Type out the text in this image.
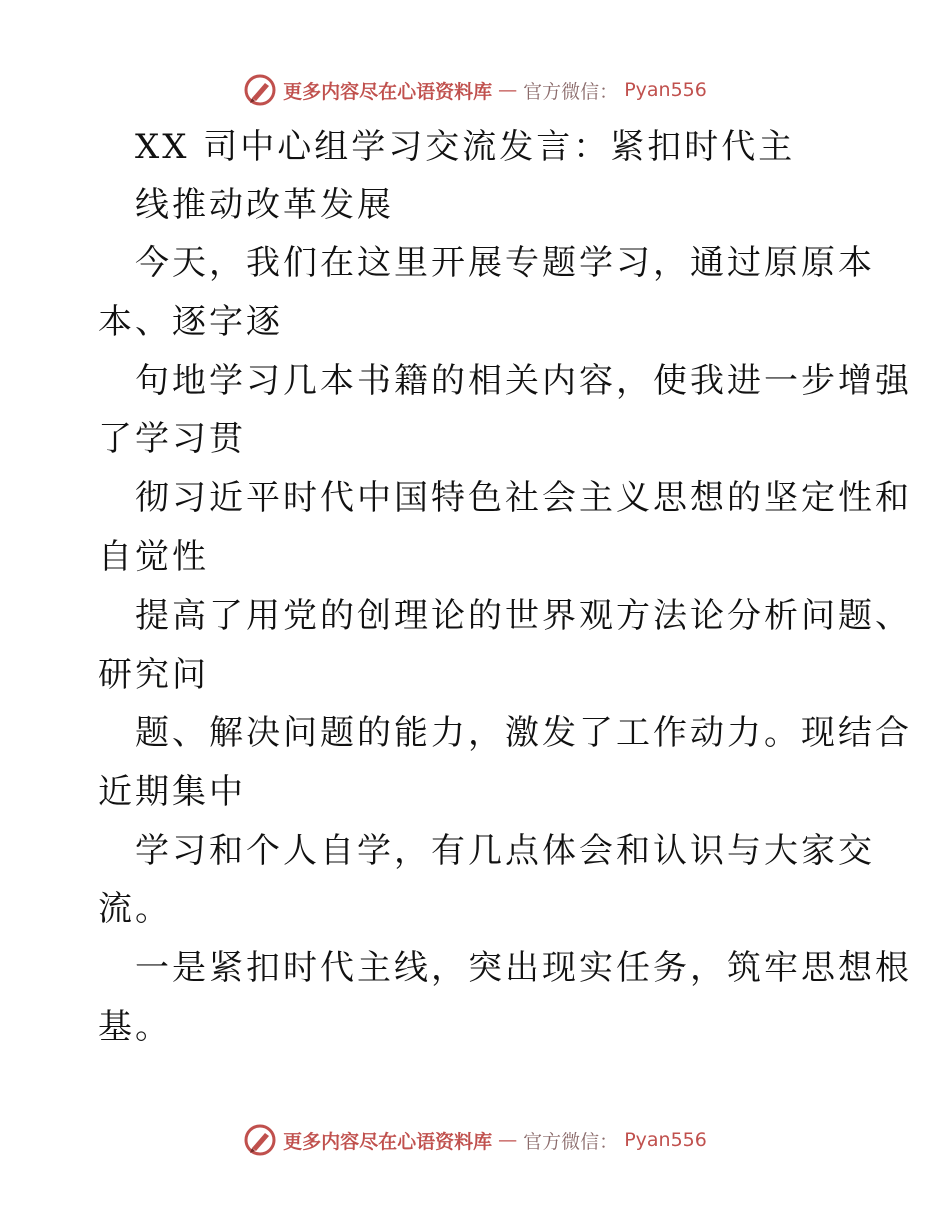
更多内容尽在心语资料库 — 官方微信： Pyan556
XX 司中心组学习交流发言：紧扣时代主
线推动改革发展
今天，我们在这里开展专题学习，通过原原本
本、逐字逐
句地学习几本书籍的相关内容，使我进一步增强
了学习贯
彻习近平时代中国特色社会主义思想的坚定性和
自觉性
提高了用党的创理论的世界观方法论分析问题、
研究问
题、解决问题的能力，激发了工作动力。现结合
近期集中
学习和个人自学，有几点体会和认识与大家交
流。
一是紧扣时代主线，突出现实任务，筑牢思想根
基。
更多内容尽在心语资料库 — 官方微信： Pyan556
